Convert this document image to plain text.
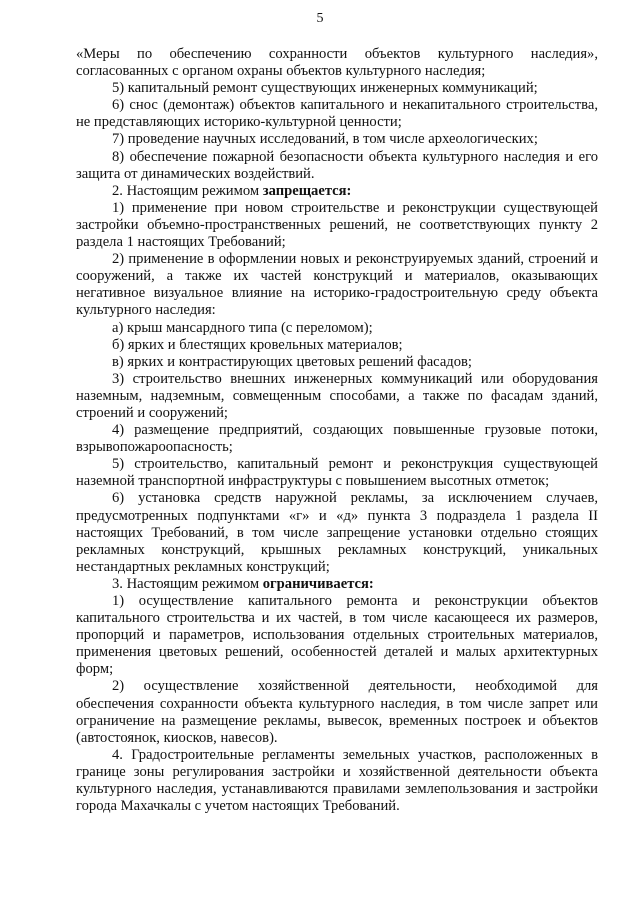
5

«Меры по обеспечению сохранности объектов культурного наследия», согласованных с органом охраны объектов культурного наследия;

5) капитальный ремонт существующих инженерных коммуникаций;

6) снос (демонтаж) объектов капитального и некапитального строительства, не представляющих историко-культурной ценности;

7) проведение научных исследований, в том числе археологических;

8) обеспечение пожарной безопасности объекта культурного наследия и его защита от динамических воздействий.

2. Настоящим режимом запрещается:

1) применение при новом строительстве и реконструкции существующей застройки объемно-пространственных решений, не соответствующих пункту 2 раздела 1 настоящих Требований;

2) применение в оформлении новых и реконструируемых зданий, строений и сооружений, а также их частей конструкций и материалов, оказывающих негативное визуальное влияние на историко-градостроительную среду объекта культурного наследия:

а) крыш мансардного типа (с переломом);

б) ярких и блестящих кровельных материалов;

в) ярких и контрастирующих цветовых решений фасадов;

3) строительство внешних инженерных коммуникаций или оборудования наземным, надземным, совмещенным способами, а также по фасадам зданий, строений и сооружений;

4) размещение предприятий, создающих повышенные грузовые потоки, взрывопожароопасность;

5) строительство, капитальный ремонт и реконструкция существующей наземной транспортной инфраструктуры с повышением высотных отметок;

6) установка средств наружной рекламы, за исключением случаев, предусмотренных подпунктами «г» и «д» пункта 3 подраздела 1 раздела II настоящих Требований, в том числе запрещение установки отдельно стоящих рекламных конструкций, крышных рекламных конструкций, уникальных нестандартных рекламных конструкций;

3. Настоящим режимом ограничивается:

1) осуществление капитального ремонта и реконструкции объектов капитального строительства и их частей, в том числе касающееся их размеров, пропорций и параметров, использования отдельных строительных материалов, применения цветовых решений, особенностей деталей и малых архитектурных форм;

2) осуществление хозяйственной деятельности, необходимой для обеспечения сохранности объекта культурного наследия, в том числе запрет или ограничение на размещение рекламы, вывесок, временных построек и объектов (автостоянок, киосков, навесов).

4. Градостроительные регламенты земельных участков, расположенных в границе зоны регулирования застройки и хозяйственной деятельности объекта культурного наследия, устанавливаются правилами землепользования и застройки города Махачкалы с учетом настоящих Требований.
